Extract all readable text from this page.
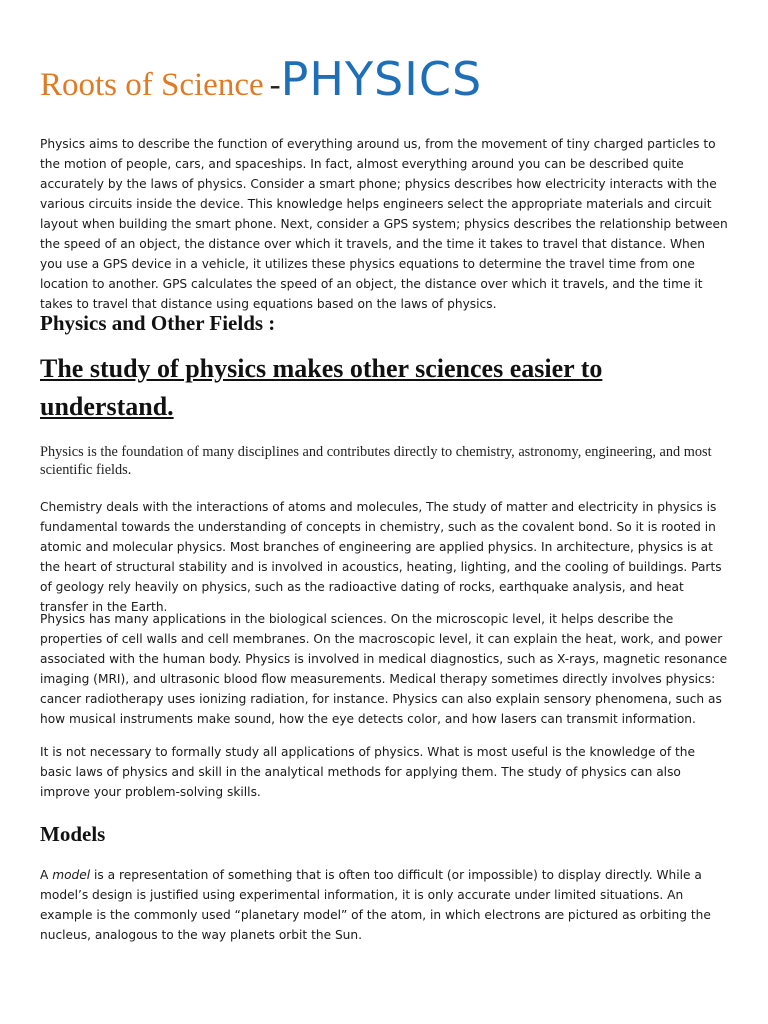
Roots of Science -PHYSICS

Physics aims to describe the function of everything around us, from the movement of tiny charged particles to the motion of people, cars, and spaceships. In fact, almost everything around you can be described quite accurately by the laws of physics. Consider a smart phone; physics describes how electricity interacts with the various circuits inside the device. This knowledge helps engineers select the appropriate materials and circuit layout when building the smart phone. Next, consider a GPS system; physics describes the relationship between the speed of an object, the distance over which it travels, and the time it takes to travel that distance. When you use a GPS device in a vehicle, it utilizes these physics equations to determine the travel time from one location to another. GPS calculates the speed of an object, the distance over which it travels, and the time it takes to travel that distance using equations based on the laws of physics.

Physics and Other Fields :
The study of physics makes other sciences easier to understand.

Physics is the foundation of many disciplines and contributes directly to chemistry, astronomy, engineering, and most scientific fields.

Chemistry deals with the interactions of atoms and molecules, The study of matter and electricity in physics is fundamental towards the understanding of concepts in chemistry, such as the covalent bond. So it is rooted in atomic and molecular physics. Most branches of engineering are applied physics. In architecture, physics is at the heart of structural stability and is involved in acoustics, heating, lighting, and the cooling of buildings. Parts of geology rely heavily on physics, such as the radioactive dating of rocks, earthquake analysis, and heat transfer in the Earth.

Physics has many applications in the biological sciences. On the microscopic level, it helps describe the properties of cell walls and cell membranes. On the macroscopic level, it can explain the heat, work, and power associated with the human body. Physics is involved in medical diagnostics, such as X-rays, magnetic resonance imaging (MRI), and ultrasonic blood flow measurements. Medical therapy sometimes directly involves physics: cancer radiotherapy uses ionizing radiation, for instance. Physics can also explain sensory phenomena, such as how musical instruments make sound, how the eye detects color, and how lasers can transmit information.

It is not necessary to formally study all applications of physics. What is most useful is the knowledge of the basic laws of physics and skill in the analytical methods for applying them. The study of physics can also improve your problem-solving skills.

Models

A model is a representation of something that is often too difficult (or impossible) to display directly. While a model’s design is justified using experimental information, it is only accurate under limited situations. An example is the commonly used “planetary model” of the atom, in which electrons are pictured as orbiting the nucleus, analogous to the way planets orbit the Sun.
